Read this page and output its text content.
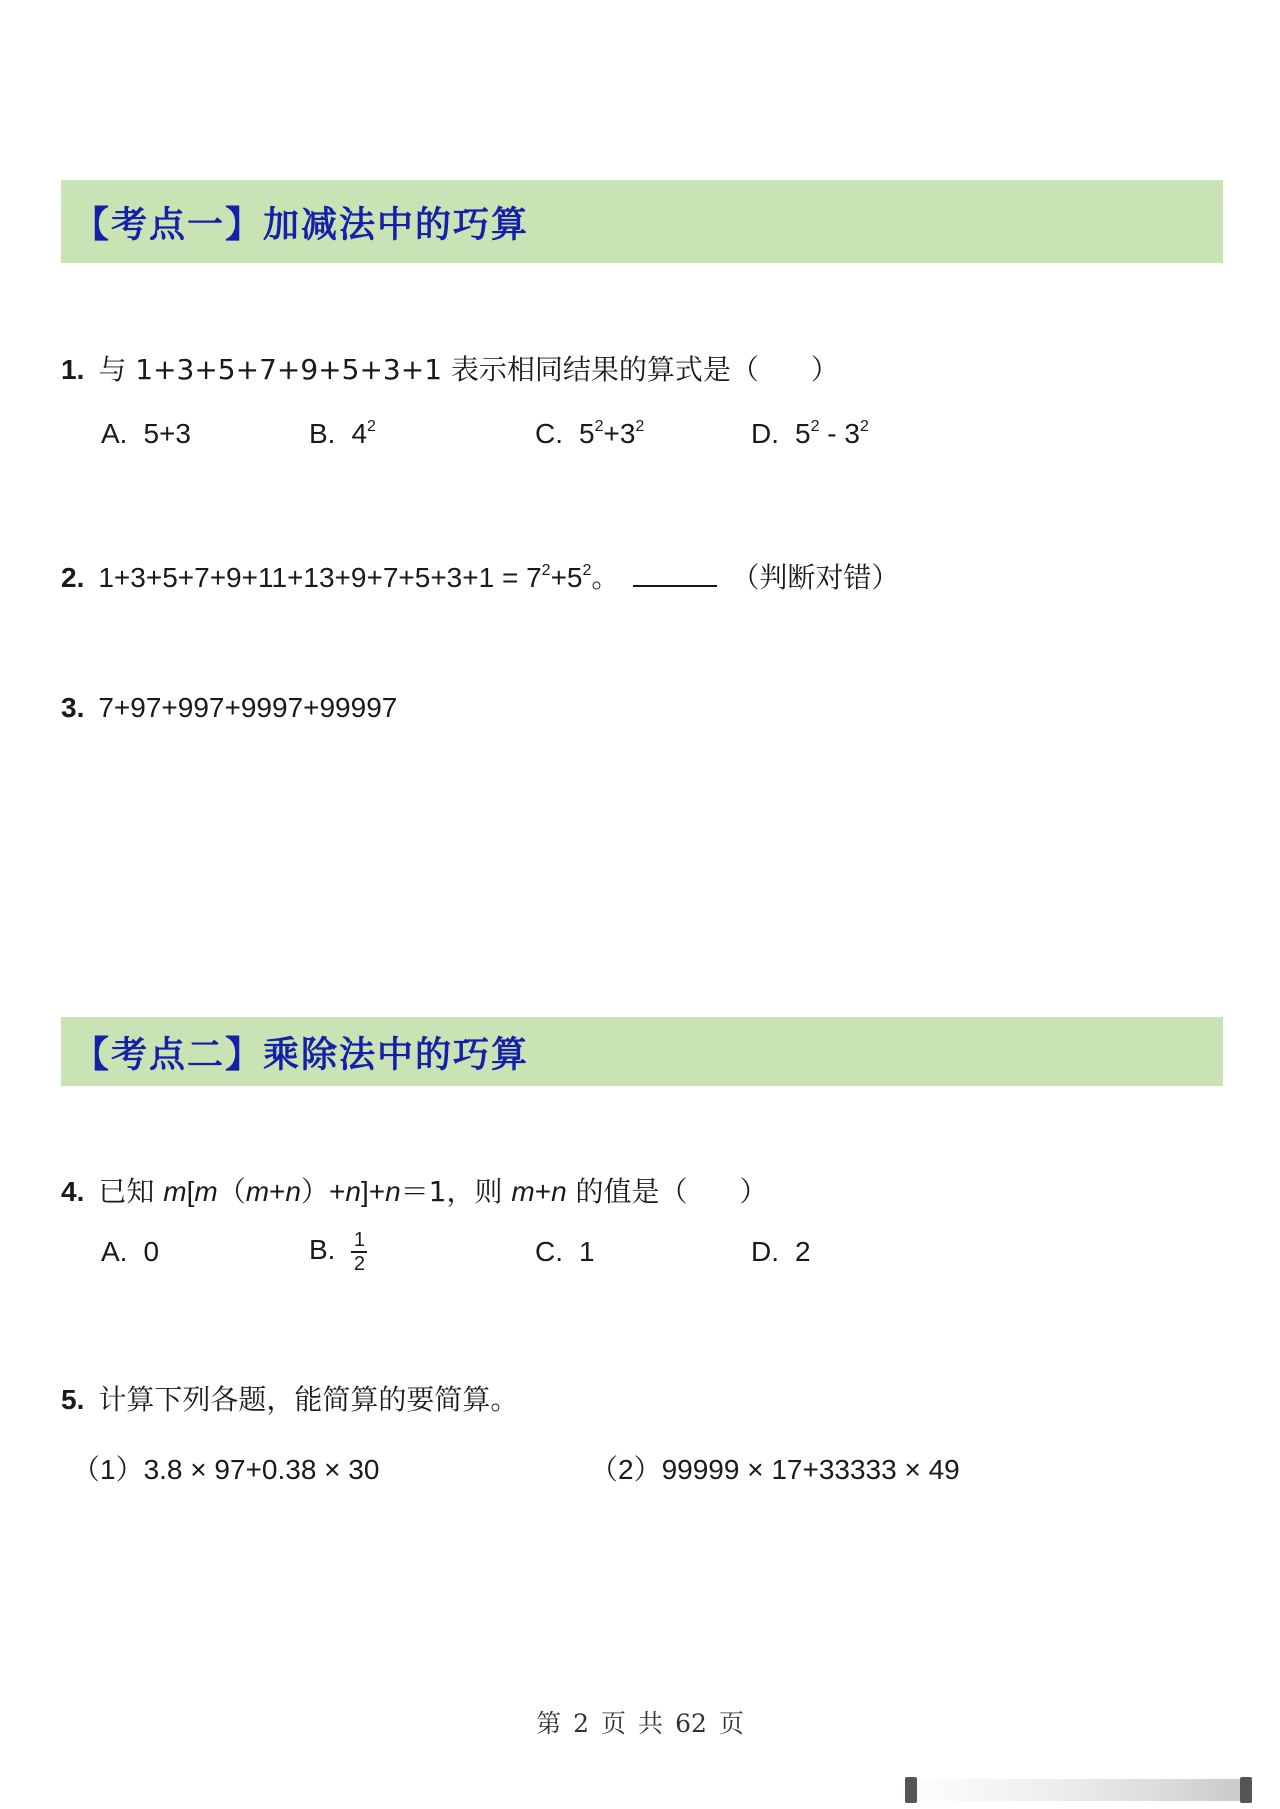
【考点一】加减法中的巧算
1. 与 1+3+5+7+9+5+3+1 表示相同结果的算式是（ ）
A. 5+3	B. $4^2$	C. $5^2+3^2$	D. $5^2 - 3^2$
2. $1+3+5+7+9+11+13+9+7+5+3+1 = 7^2+5^2$。	（判断对错）
3. 7+97+997+9997+99997
【考点二】乘除法中的巧算
4. 已知 m[m（m+n）+n]+n＝1，则 m+n 的值是（ ）
A. 0	B. $\frac{1}{2}$	C. 1	D. 2
5. 计算下列各题，能简算的要简算。
（1）3.8 × 97+0.38 × 30	（2）99999 × 17+33333 × 49
第 2 页 共 62 页
